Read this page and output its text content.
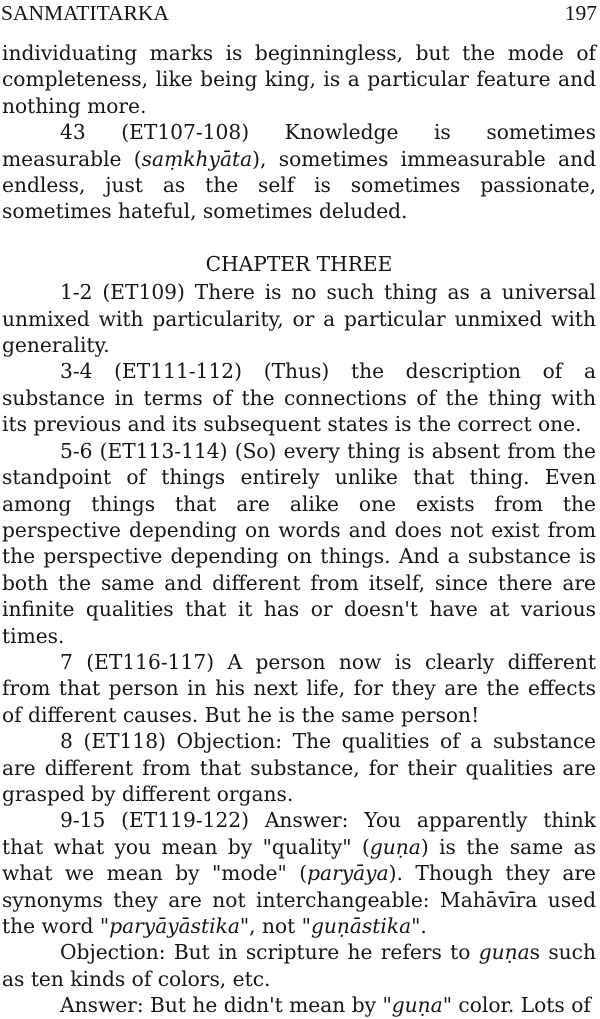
SANMATITARKA	197

individuating marks is beginningless, but the mode of completeness, like being king, is a particular feature and nothing more.

43 (ET107-108) Knowledge is sometimes measurable (saṃkhyāta), sometimes immeasurable and endless, just as the self is sometimes passionate, sometimes hateful, sometimes deluded.

CHAPTER THREE

1-2 (ET109) There is no such thing as a universal unmixed with particularity, or a particular unmixed with generality.

3-4 (ET111-112) (Thus) the description of a substance in terms of the connections of the thing with its previous and its subsequent states is the correct one.

5-6 (ET113-114) (So) every thing is absent from the standpoint of things entirely unlike that thing. Even among things that are alike one exists from the perspective depending on words and does not exist from the perspective depending on things. And a substance is both the same and different from itself, since there are infinite qualities that it has or doesn't have at various times.

7 (ET116-117) A person now is clearly different from that person in his next life, for they are the effects of different causes. But he is the same person!

8 (ET118) Objection: The qualities of a substance are different from that substance, for their qualities are grasped by different organs.

9-15 (ET119-122) Answer: You apparently think that what you mean by "quality" (guṇa) is the same as what we mean by "mode" (paryāya). Though they are synonyms they are not interchangeable: Mahāvīra used the word "paryāyāstika", not "guṇāstika".

Objection: But in scripture he refers to guṇas such as ten kinds of colors, etc.

Answer: But he didn't mean by "guṇa" color. Lots of
